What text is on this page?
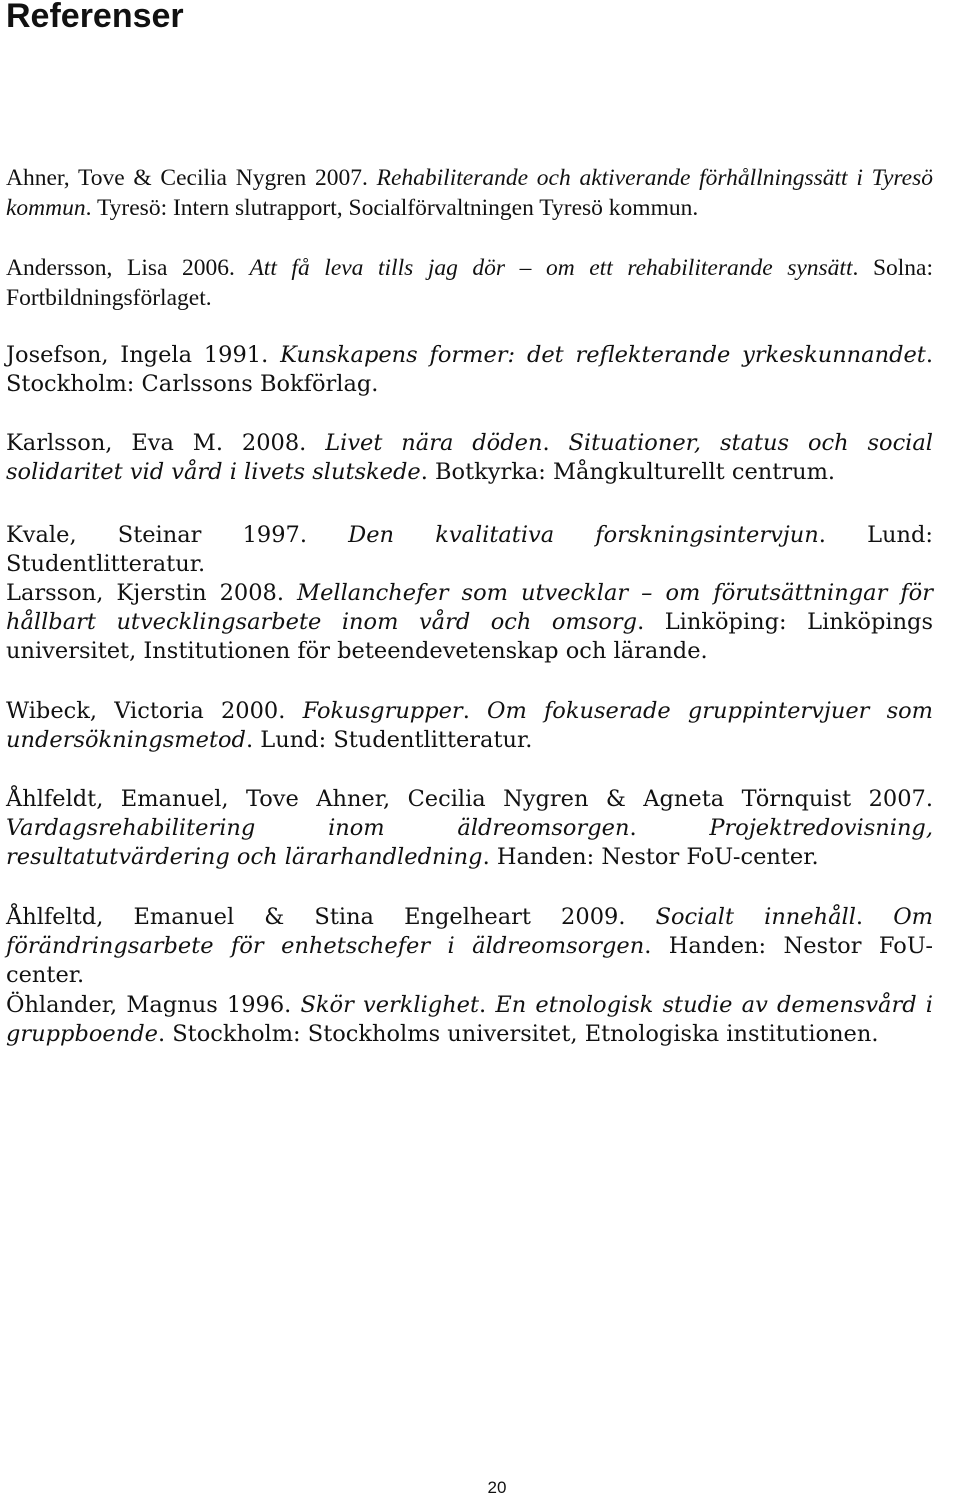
Referenser

Ahner, Tove & Cecilia Nygren 2007. Rehabiliterande och aktiverande förhållningssätt i Tyresö kommun. Tyresö: Intern slutrapport, Socialförvaltningen Tyresö kommun.

Andersson, Lisa 2006. Att få leva tills jag dör – om ett rehabiliterande synsätt. Solna: Fortbildningsförlaget.

Josefson, Ingela 1991. Kunskapens former: det reflekterande yrkeskunnandet. Stockholm: Carlssons Bokförlag.

Karlsson, Eva M. 2008. Livet nära döden. Situationer, status och social solidaritet vid vård i livets slutskede. Botkyrka: Mångkulturellt centrum.

Kvale, Steinar 1997. Den kvalitativa forskningsintervjun. Lund: Studentlitteratur.

Larsson, Kjerstin 2008. Mellanchefer som utvecklar – om förutsättningar för hållbart utvecklingsarbete inom vård och omsorg. Linköping: Linköpings universitet, Institutionen för beteendevetenskap och lärande.

Wibeck, Victoria 2000. Fokusgrupper. Om fokuserade gruppintervjuer som undersökningsmetod. Lund: Studentlitteratur.

Åhlfeldt, Emanuel, Tove Ahner, Cecilia Nygren & Agneta Törnquist 2007. Vardagsrehabilitering inom äldreomsorgen. Projektredovisning, resultatutvärdering och lärarhandledning. Handen: Nestor FoU-center.

Åhlfeltd, Emanuel & Stina Engelheart 2009. Socialt innehåll. Om förändringsarbete för enhetschefer i äldreomsorgen. Handen: Nestor FoU-center.

Öhlander, Magnus 1996. Skör verklighet. En etnologisk studie av demensvård i gruppboende. Stockholm: Stockholms universitet, Etnologiska institutionen.

20
